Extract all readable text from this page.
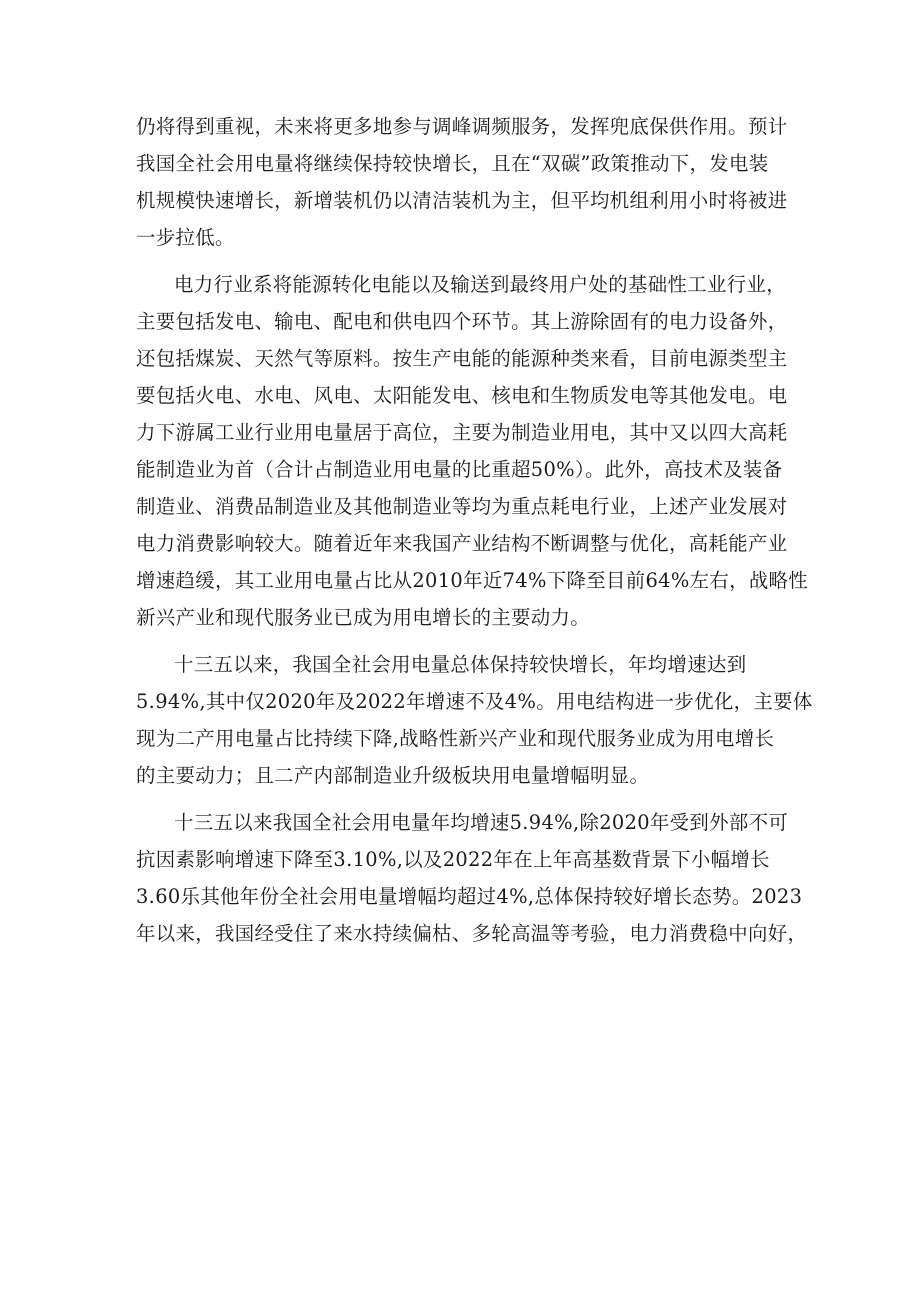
仍将得到重视，未来将更多地参与调峰调频服务，发挥兜底保供作用。预计
我国全社会用电量将继续保持较快增长，且在“双碳”政策推动下，发电装
机规模快速增长，新增装机仍以清洁装机为主，但平均机组利用小时将被进
一步拉低。
电力行业系将能源转化电能以及输送到最终用户处的基础性工业行业，
主要包括发电、输电、配电和供电四个环节。其上游除固有的电力设备外，
还包括煤炭、天然气等原料。按生产电能的能源种类来看，目前电源类型主
要包括火电、水电、风电、太阳能发电、核电和生物质发电等其他发电。电
力下游属工业行业用电量居于高位，主要为制造业用电，其中又以四大高耗
能制造业为首（合计占制造业用电量的比重超50%）。此外，高技术及装备
制造业、消费品制造业及其他制造业等均为重点耗电行业，上述产业发展对
电力消费影响较大。随着近年来我国产业结构不断调整与优化，高耗能产业
增速趋缓，其工业用电量占比从2010年近74%下降至目前64%左右，战略性
新兴产业和现代服务业已成为用电增长的主要动力。
十三五以来，我国全社会用电量总体保持较快增长，年均增速达到
5.94%,其中仅2020年及2022年增速不及4%。用电结构进一步优化，主要体
现为二产用电量占比持续下降,战略性新兴产业和现代服务业成为用电增长
的主要动力；且二产内部制造业升级板块用电量增幅明显。
十三五以来我国全社会用电量年均增速5.94%,除2020年受到外部不可
抗因素影响增速下降至3.10%,以及2022年在上年高基数背景下小幅增长
3.60乐其他年份全社会用电量增幅均超过4%,总体保持较好增长态势。2023
年以来，我国经受住了来水持续偏枯、多轮高温等考验，电力消费稳中向好，
